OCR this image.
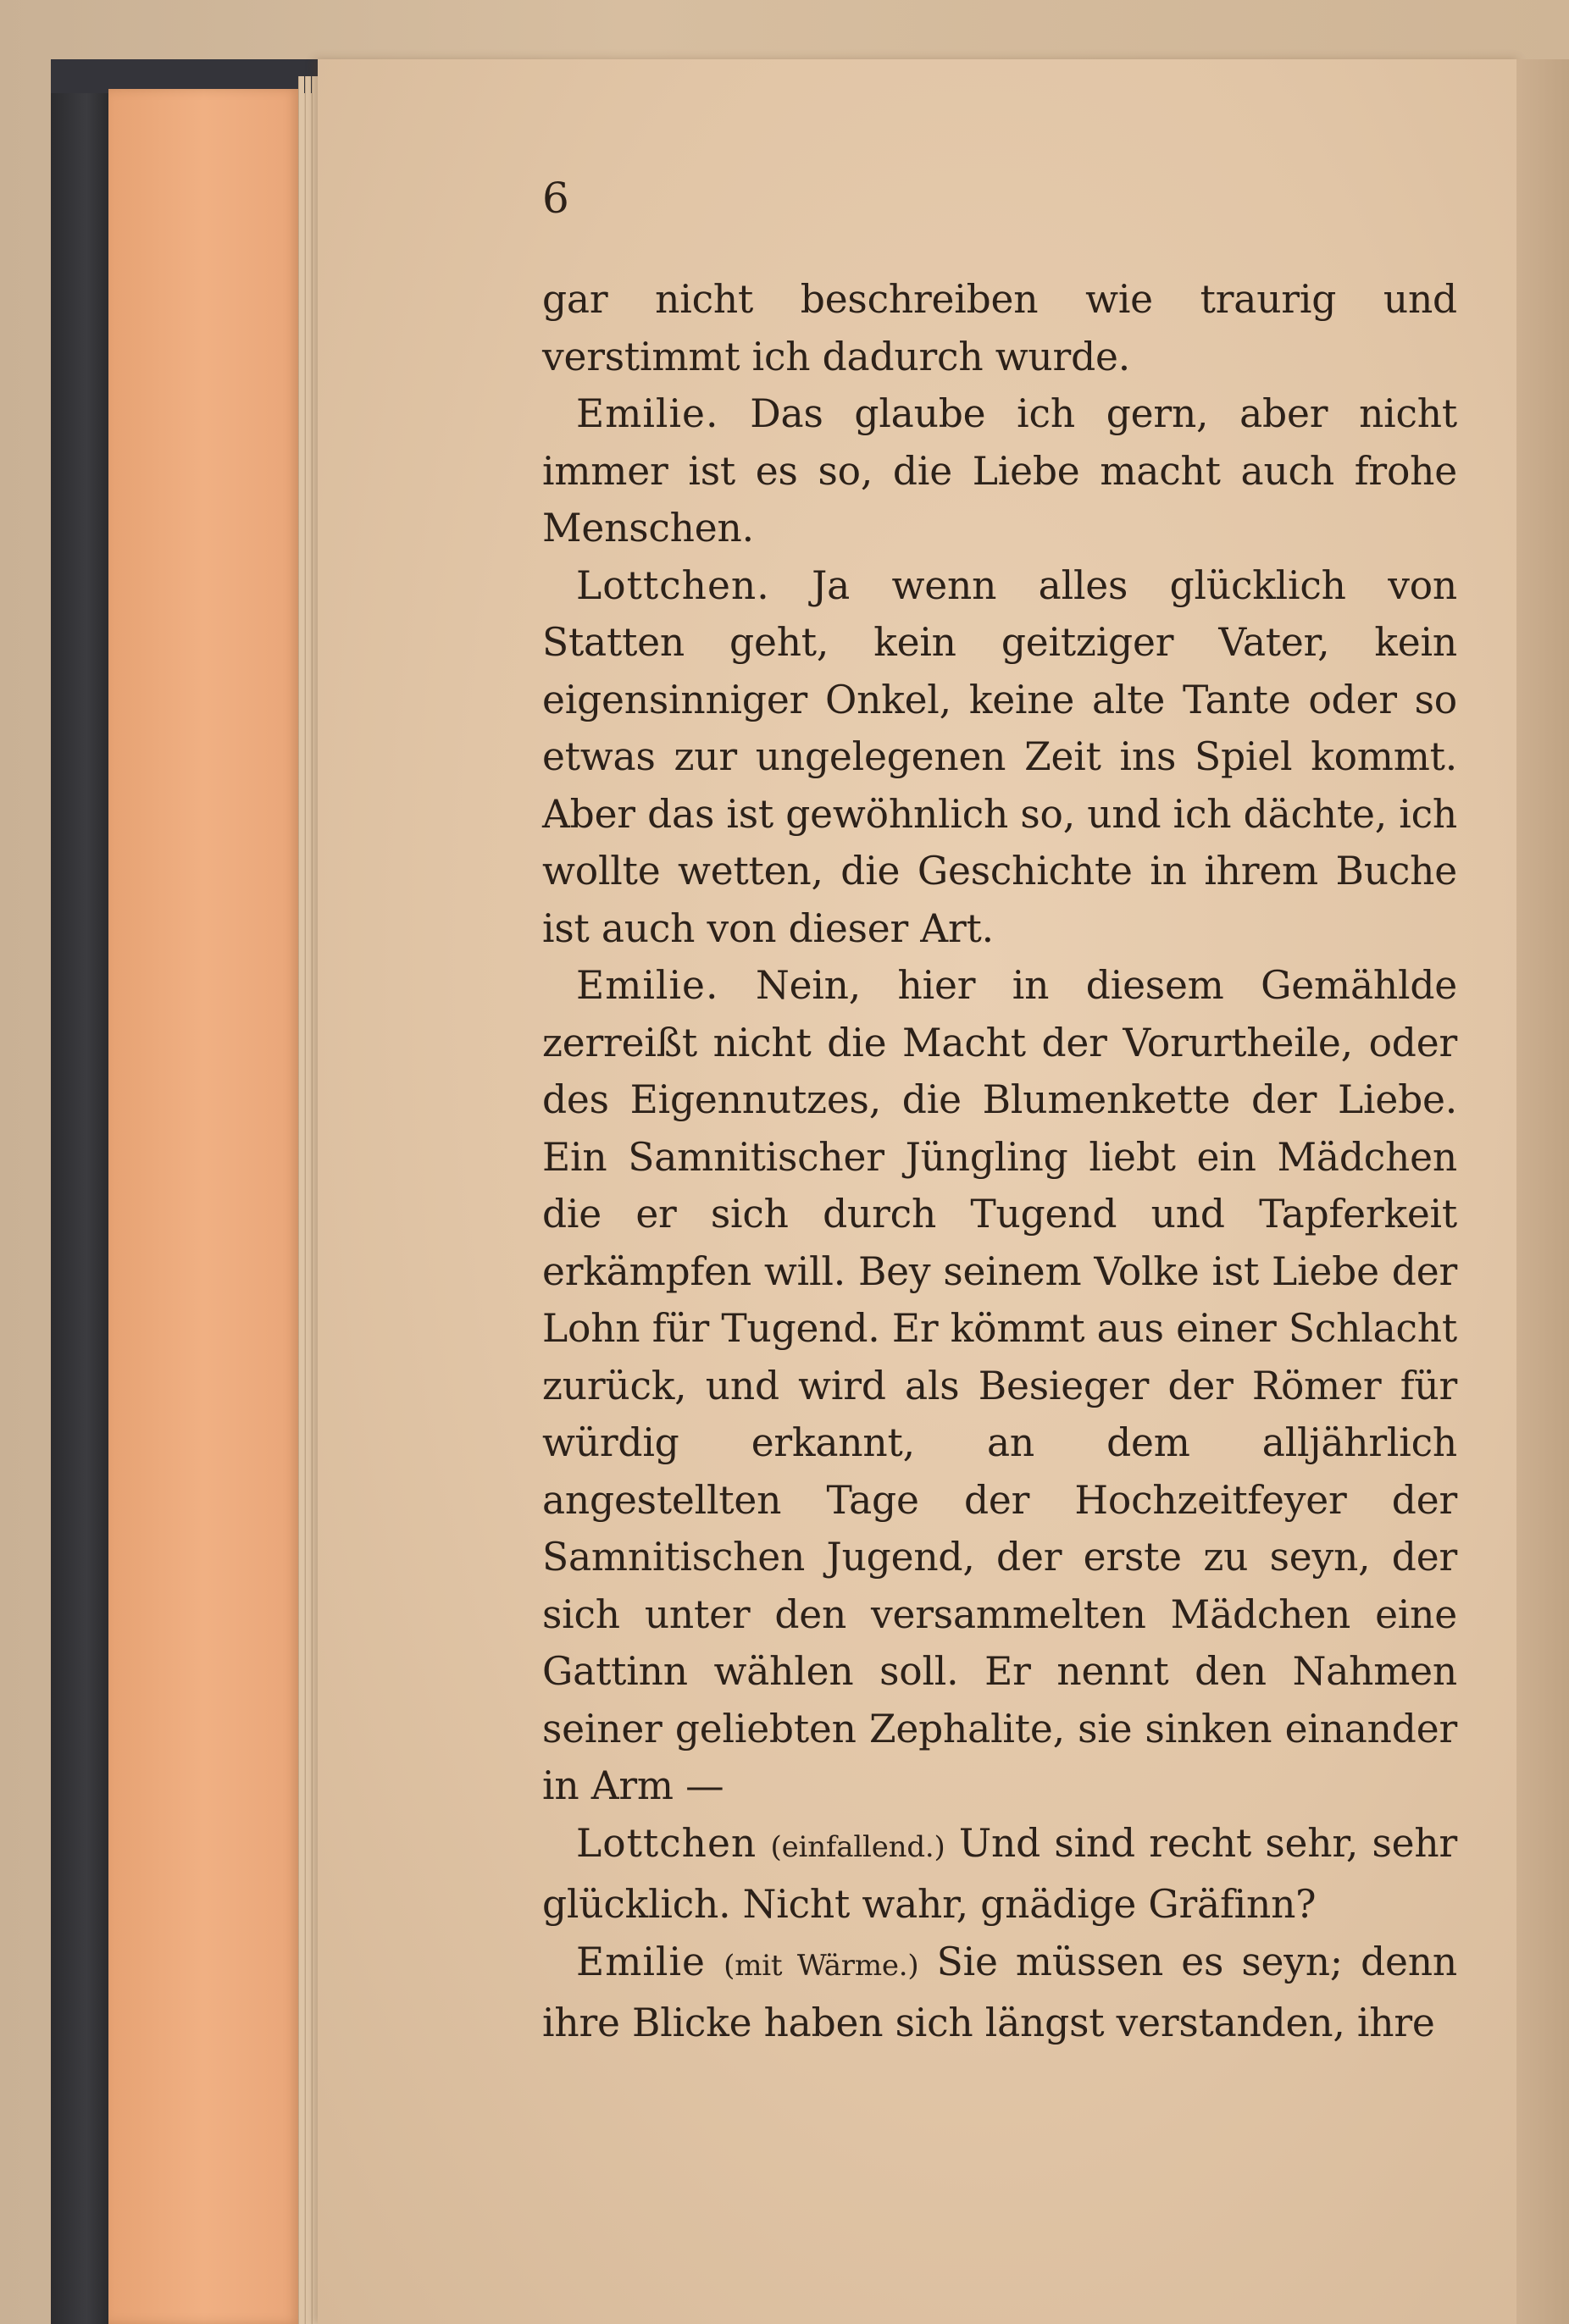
6

gar nicht beschreiben wie traurig und verstimmt ich dadurch wurde.

Emilie. Das glaube ich gern, aber nicht immer ist es so, die Liebe macht auch frohe Menschen.

Lottchen. Ja wenn alles glücklich von Statten geht, kein geitziger Vater, kein eigensinniger Onkel, keine alte Tante oder so etwas zur ungelegenen Zeit ins Spiel kommt. Aber das ist gewöhnlich so, und ich dächte, ich wollte wetten, die Geschichte in ihrem Buche ist auch von dieser Art.

Emilie. Nein, hier in diesem Gemählde zerreißt nicht die Macht der Vorurtheile, oder des Eigennutzes, die Blumenkette der Liebe. Ein Samnitischer Jüngling liebt ein Mädchen die er sich durch Tugend und Tapferkeit erkämpfen will. Bey seinem Volke ist Liebe der Lohn für Tugend. Er kömmt aus einer Schlacht zurück, und wird als Besieger der Römer für würdig erkannt, an dem alljährlich angestellten Tage der Hochzeitfeyer der Samnitischen Jugend, der erste zu seyn, der sich unter den versammelten Mädchen eine Gattinn wählen soll. Er nennt den Nahmen seiner geliebten Zephalite, sie sinken einander in Arm —

Lottchen (einfallend.) Und sind recht sehr, sehr glücklich. Nicht wahr, gnädige Gräfinn?

Emilie (mit Wärme.) Sie müssen es seyn; denn ihre Blicke haben sich längst verstanden, ihre
